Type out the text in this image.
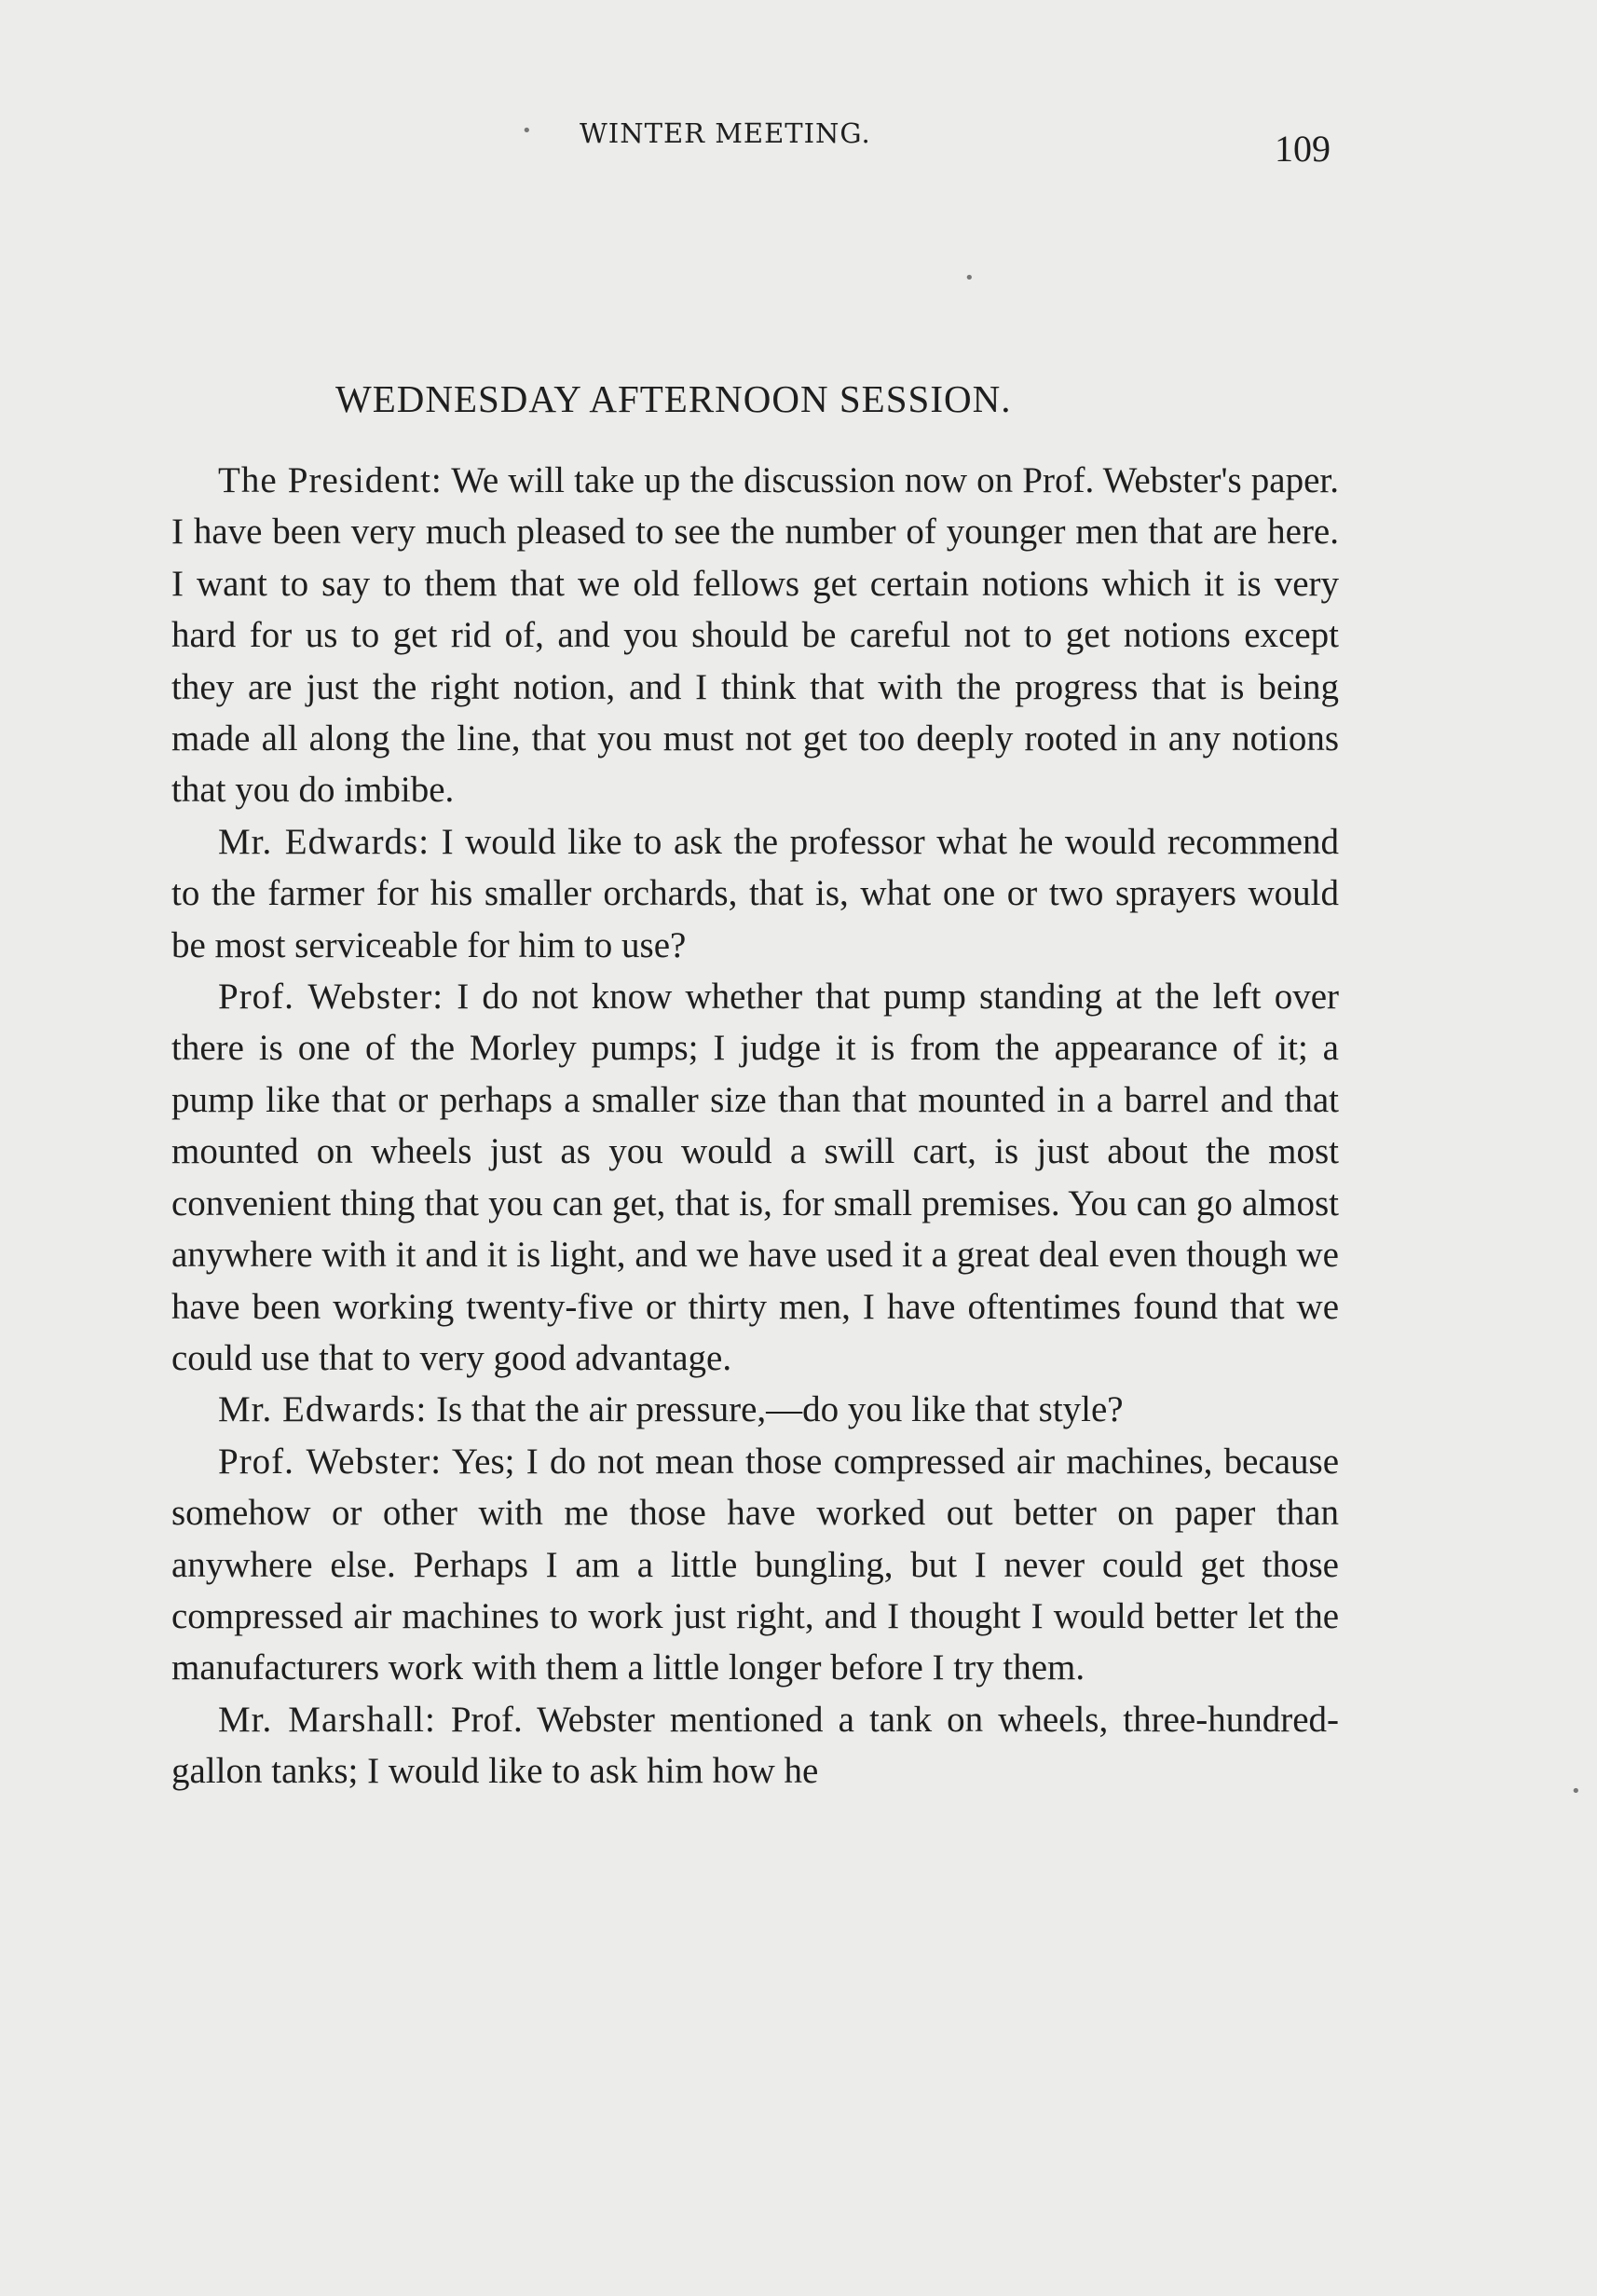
WINTER MEETING.	109
WEDNESDAY AFTERNOON SESSION.

The President: We will take up the discussion now on Prof. Webster's paper. I have been very much pleased to see the number of younger men that are here. I want to say to them that we old fellows get certain notions which it is very hard for us to get rid of, and you should be careful not to get notions except they are just the right notion, and I think that with the progress that is being made all along the line, that you must not get too deeply rooted in any notions that you do imbibe.

Mr. Edwards: I would like to ask the professor what he would recommend to the farmer for his smaller orchards, that is, what one or two sprayers would be most serviceable for him to use?

Prof. Webster: I do not know whether that pump standing at the left over there is one of the Morley pumps; I judge it is from the appearance of it; a pump like that or perhaps a smaller size than that mounted in a barrel and that mounted on wheels just as you would a swill cart, is just about the most convenient thing that you can get, that is, for small premises. You can go almost anywhere with it and it is light, and we have used it a great deal even though we have been working twenty-five or thirty men, I have oftentimes found that we could use that to very good advantage.

Mr. Edwards: Is that the air pressure,—do you like that style?

Prof. Webster: Yes; I do not mean those compressed air machines, because somehow or other with me those have worked out better on paper than anywhere else. Perhaps I am a little bungling, but I never could get those compressed air machines to work just right, and I thought I would better let the manufacturers work with them a little longer before I try them.

Mr. Marshall: Prof. Webster mentioned a tank on wheels, three-hundred-gallon tanks; I would like to ask him how he

•
•
•
